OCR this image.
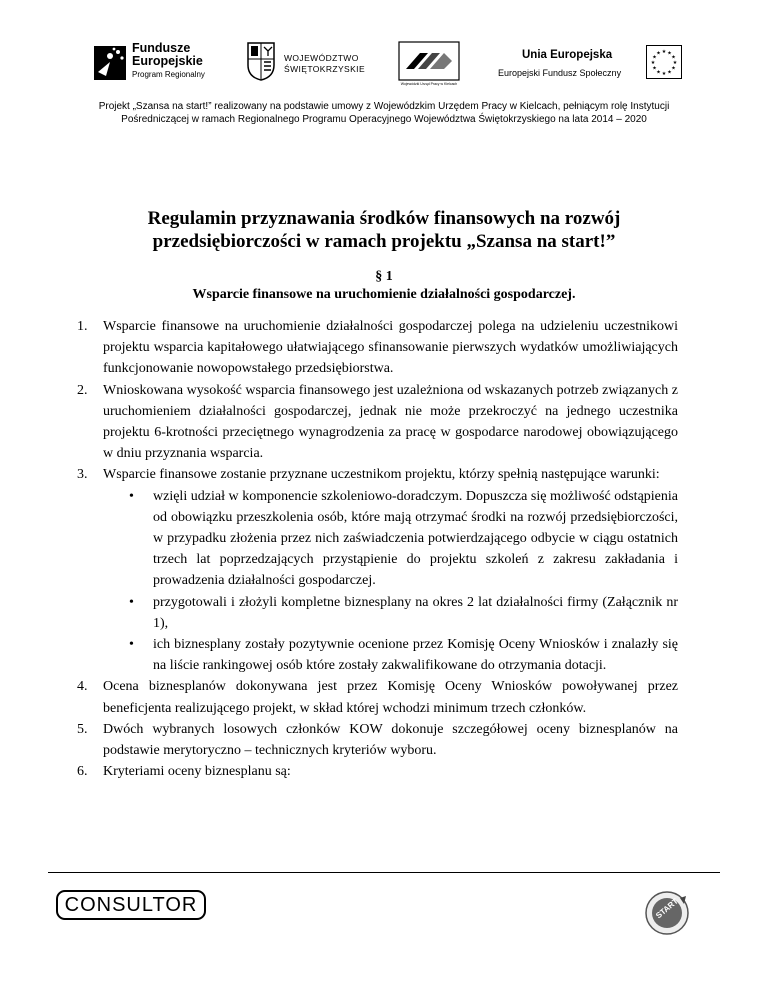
Fundusze
Europejskie
Program Regionalny
WOJEWÓDZTWO
ŚWIĘTOKRZYSKIE
Wojewódzki Urząd Pracy w Kielcach
Unia Europejska
Europejski Fundusz Społeczny
★ ★
★
★
★
★
★
★
★
★
★
★
Projekt „Szansa na start!” realizowany na podstawie umowy z Wojewódzkim Urzędem Pracy w Kielcach, pełniącym rolę Instytucji
Pośredniczącej w ramach Regionalnego Programu Operacyjnego Województwa Świętokrzyskiego na lata 2014 – 2020
Regulamin przyznawania środków finansowych na rozwój
przedsiębiorczości w ramach projektu „Szansa na start!”
§ 1
Wsparcie finansowe na uruchomienie działalności gospodarczej.
1. Wsparcie finansowe na uruchomienie działalności gospodarczej polega na udzieleniu uczestnikowi projektu wsparcia kapitałowego ułatwiającego sfinansowanie pierwszych wydatków umożliwiających funkcjonowanie nowopowstałego przedsiębiorstwa.
2. Wnioskowana wysokość wsparcia finansowego jest uzależniona od wskazanych potrzeb związanych z uruchomieniem działalności gospodarczej, jednak nie może przekroczyć na jednego uczestnika projektu 6-krotności przeciętnego wynagrodzenia za pracę w gospodarce narodowej obowiązującego w dniu przyznania wsparcia.
3. Wsparcie finansowe zostanie przyznane uczestnikom projektu, którzy spełnią następujące warunki:
• wzięli udział w komponencie szkoleniowo-doradczym. Dopuszcza się możliwość odstąpienia od obowiązku przeszkolenia osób, które mają otrzymać środki na rozwój przedsiębiorczości, w przypadku złożenia przez nich zaświadczenia potwierdzającego odbycie w ciągu ostatnich trzech lat poprzedzających przystąpienie do projektu szkoleń z zakresu zakładania i prowadzenia działalności gospodarczej.
• przygotowali i złożyli kompletne biznesplany na okres 2 lat działalności firmy (Załącznik nr 1),
• ich biznesplany zostały pozytywnie ocenione przez Komisję Oceny Wniosków i znalazły się na liście rankingowej osób które zostały zakwalifikowane do otrzymania dotacji.
4. Ocena biznesplanów dokonywana jest przez Komisję Oceny Wniosków powoływanej przez beneficjenta realizującego projekt, w skład której wchodzi minimum trzech członków.
5. Dwóch wybranych losowych członków KOW dokonuje szczegółowej oceny biznesplanów na podstawie merytoryczno – technicznych kryteriów wyboru.
6. Kryteriami oceny biznesplanu są:
CONSULTOR	START
